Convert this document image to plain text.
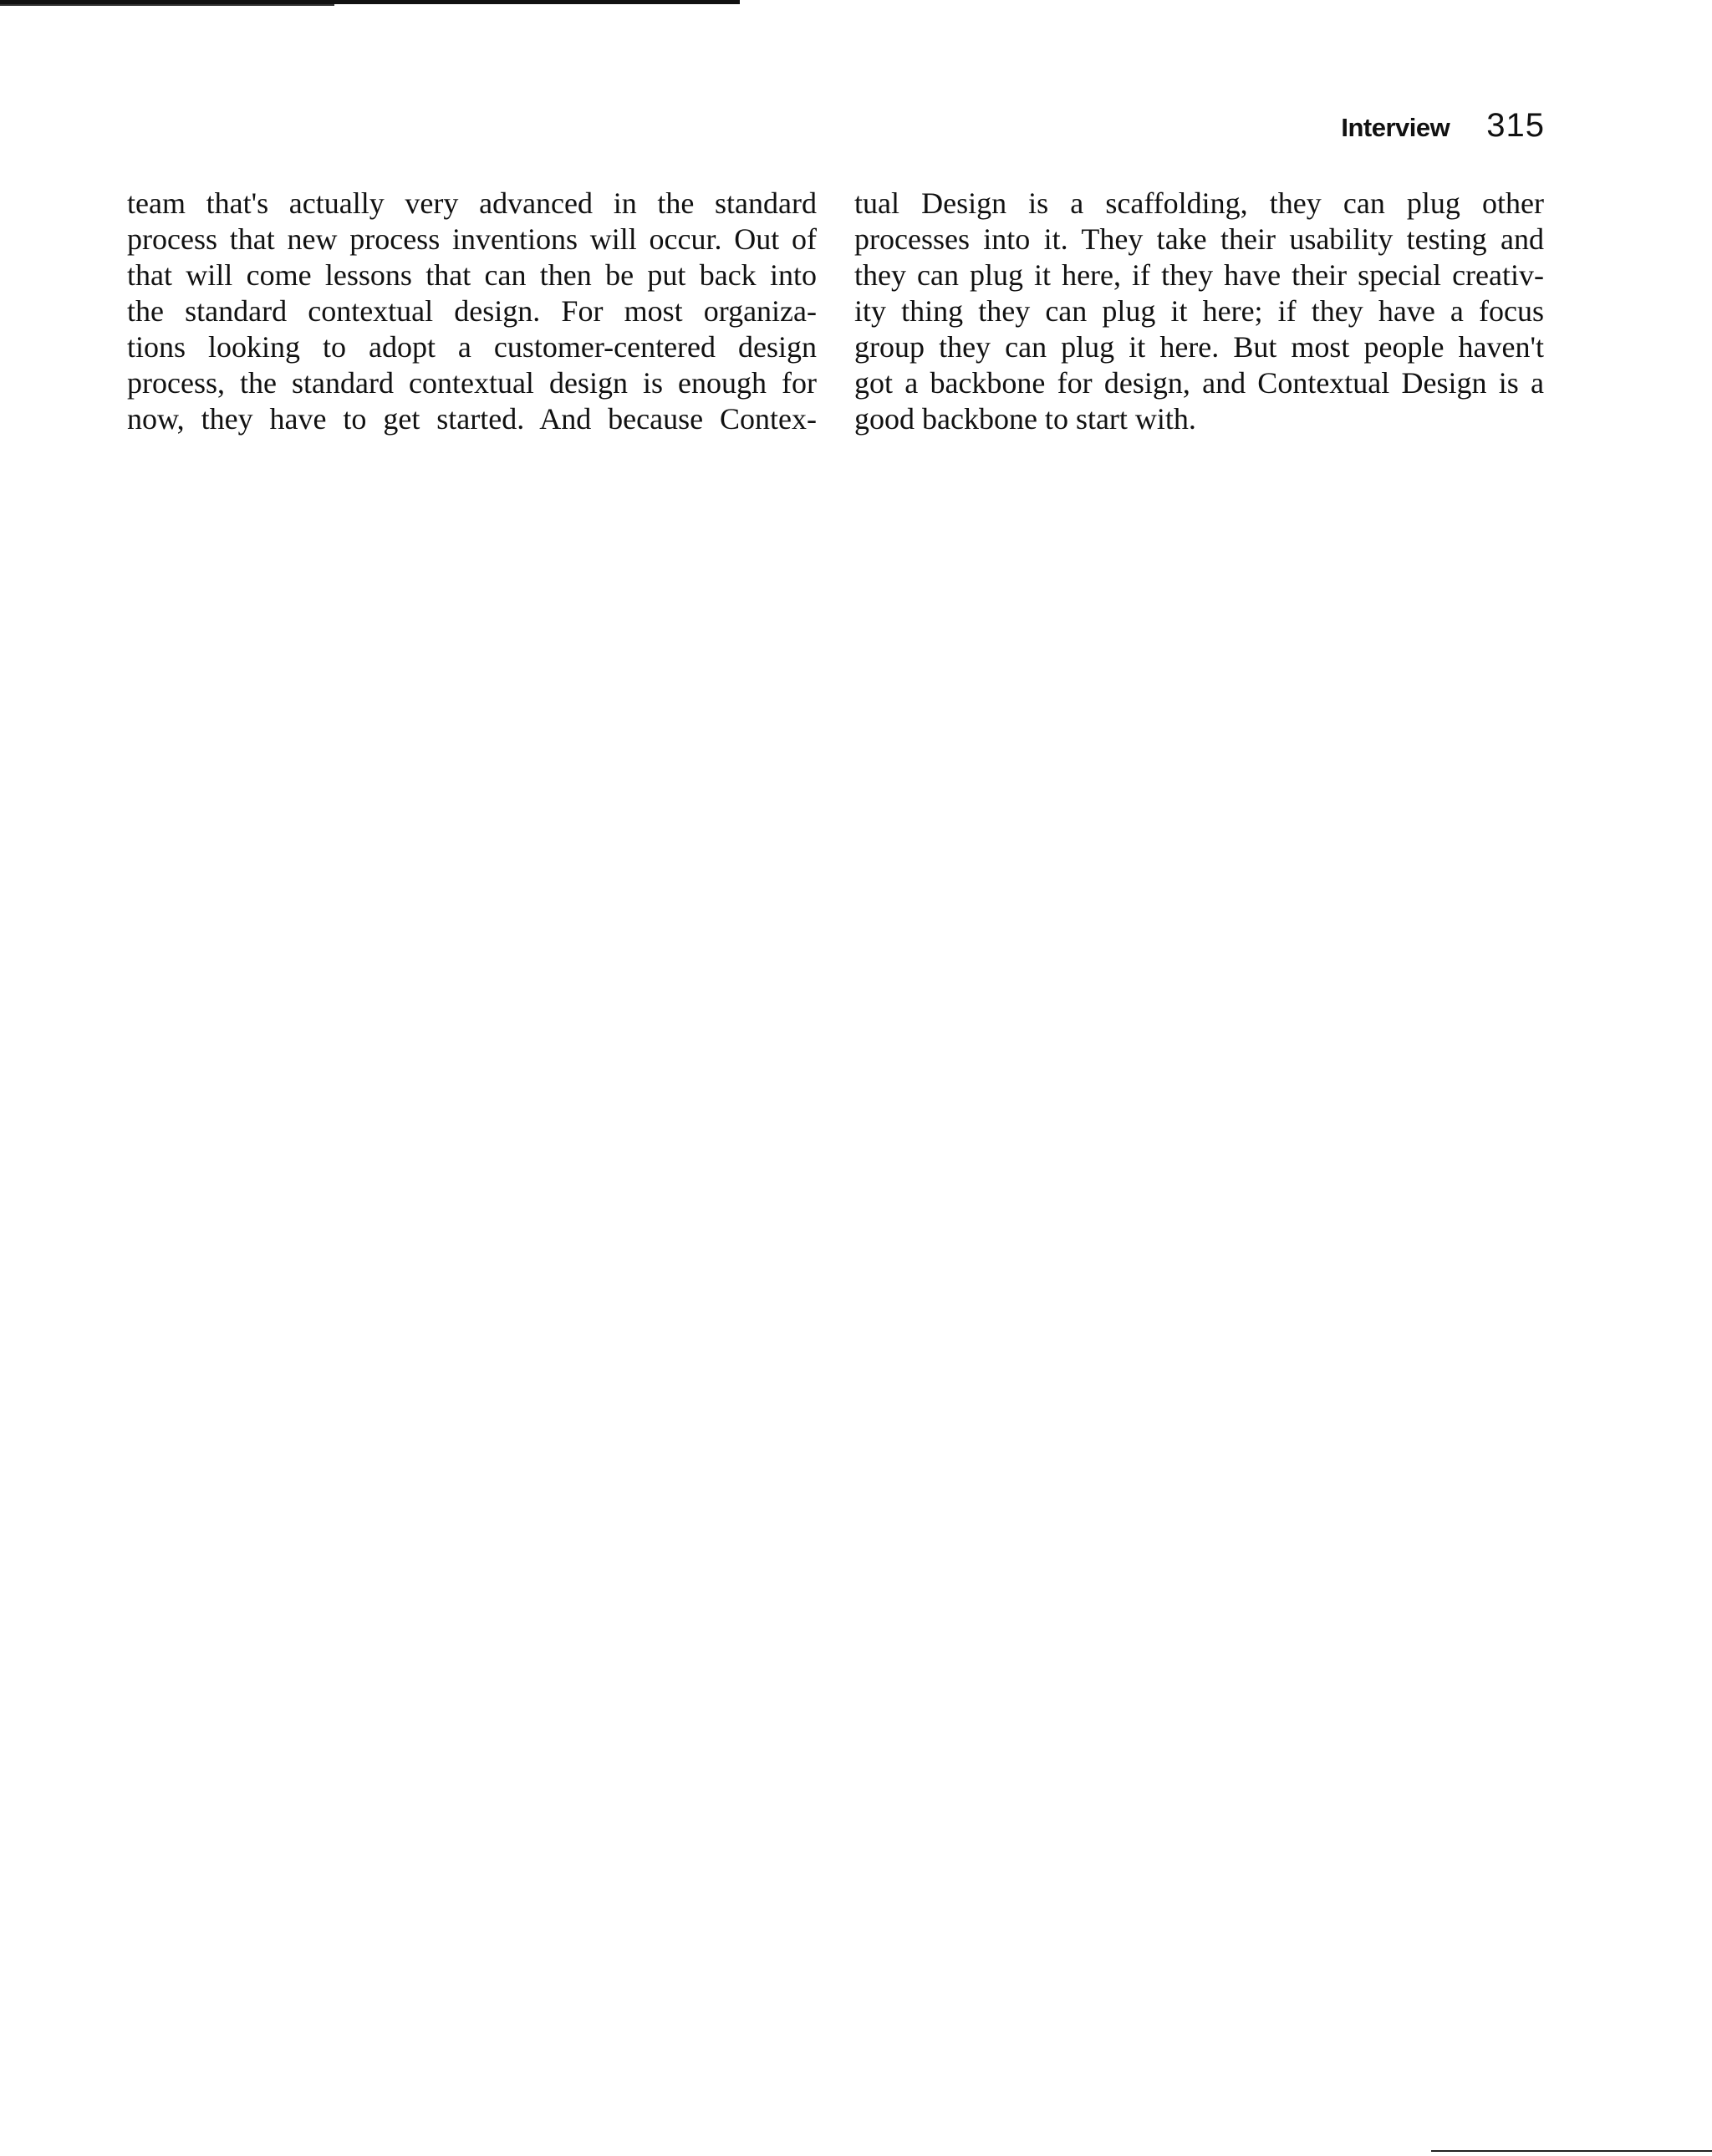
Interview 315
team that's actually very advanced in the standard
process that new process inventions will occur. Out of
that will come lessons that can then be put back into
the standard contextual design. For most organiza-
tions looking to adopt a customer-centered design
process, the standard contextual design is enough for
now, they have to get started. And because Contex-
tual Design is a scaffolding, they can plug other
processes into it. They take their usability testing and
they can plug it here, if they have their special creativ-
ity thing they can plug it here; if they have a focus
group they can plug it here. But most people haven't
got a backbone for design, and Contextual Design is a
good backbone to start with.
